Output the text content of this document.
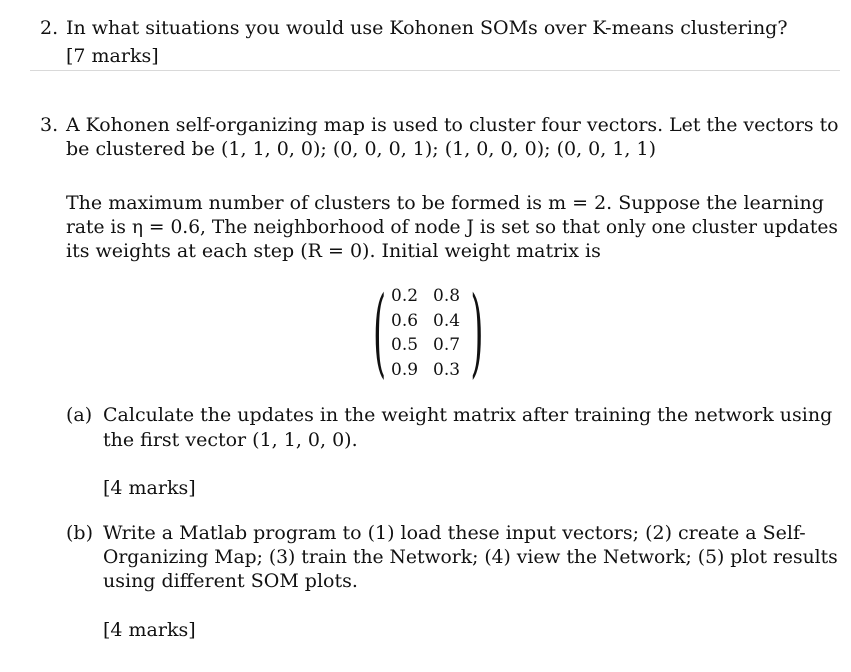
2. In what situations you would use Kohonen SOMs over K-means clustering?
[7 marks]
3. A Kohonen self-organizing map is used to cluster four vectors. Let the vectors to
be clustered be (1, 1, 0, 0); (0, 0, 0, 1); (1, 0, 0, 0); (0, 0, 1, 1)
The maximum number of clusters to be formed is m = 2. Suppose the learning
rate is η = 0.6, The neighborhood of node J is set so that only one cluster updates
its weights at each step (R = 0). Initial weight matrix is
( 0.2 0.8
0.6 0.4
0.5 0.7
0.9 0.3 )
(a) Calculate the updates in the weight matrix after training the network using
the first vector (1, 1, 0, 0).
[4 marks]
(b) Write a Matlab program to (1) load these input vectors; (2) create a Self-
Organizing Map; (3) train the Network; (4) view the Network; (5) plot results
using different SOM plots.
[4 marks]
